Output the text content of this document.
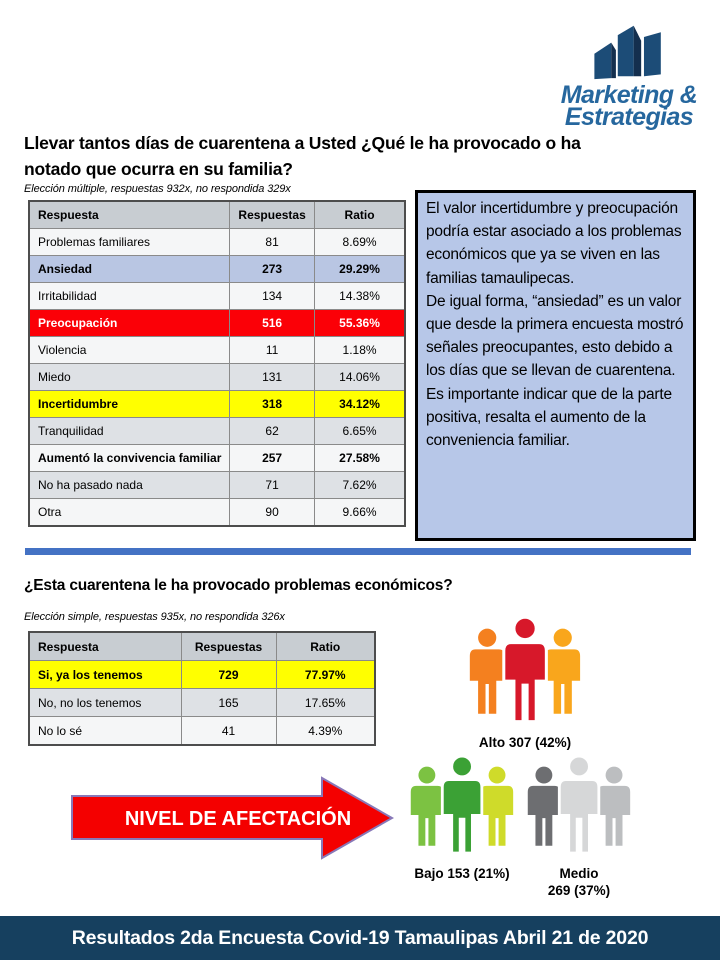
Marketing &
Estrategias
Llevar tantos días de cuarentena a Usted ¿Qué le ha provocado o ha notado que ocurra en su familia?
Elección múltiple, respuestas 932x, no respondida 329x
Respuesta	Respuestas	Ratio
Problemas familiares	81	8.69%
Ansiedad	273	29.29%
Irritabilidad	134	14.38%
Preocupación	516	55.36%
Violencia	11	1.18%
Miedo	131	14.06%
Incertidumbre	318	34.12%
Tranquilidad	62	6.65%
Aumentó la convivencia familiar	257	27.58%
No ha pasado nada	71	7.62%
Otra	90	9.66%
El valor incertidumbre y preocupación podría estar asociado a los problemas económicos que ya se viven en las familias tamaulipecas.
De igual forma, “ansiedad” es un valor que desde la primera encuesta mostró señales preocupantes, esto debido a los días que se llevan de cuarentena.
Es importante indicar que de la parte positiva, resalta el aumento de la conveniencia familiar.
¿Esta cuarentena le ha provocado problemas económicos?
Elección simple, respuestas 935x, no respondida 326x
Respuesta	Respuestas	Ratio
Si, ya los tenemos	729	77.97%
No, no los tenemos	165	17.65%
No lo sé	41	4.39%
Alto 307 (42%)
NIVEL DE AFECTACIÓN
Bajo 153 (21%)	Medio
269 (37%)
Resultados 2da Encuesta Covid-19 Tamaulipas Abril 21 de 2020
